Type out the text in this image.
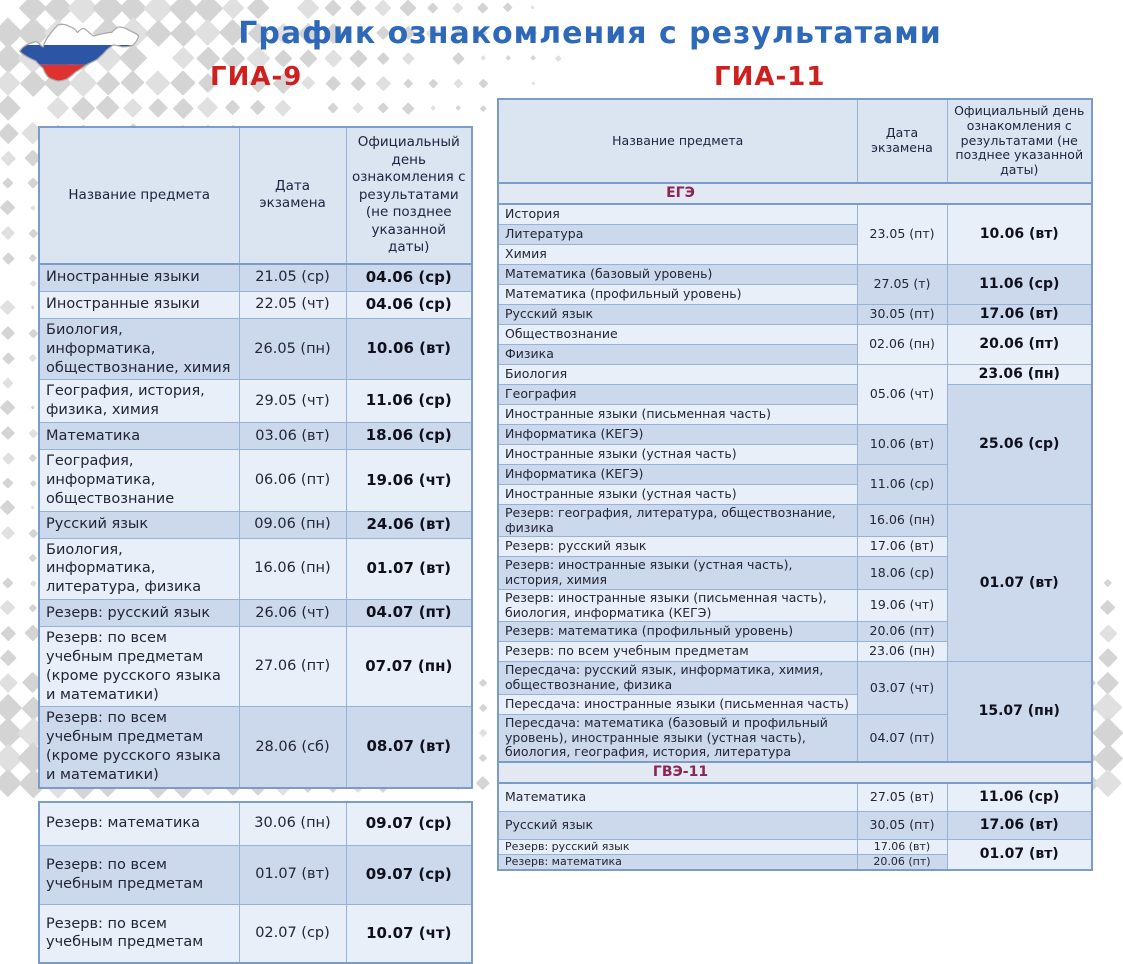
График ознакомления с результатами
ГИА-9	ГИА-11
Название предмета	Дата экзамена	Официальный день ознакомления с результатами (не позднее указанной даты)
Иностранные языки	21.05 (ср)	04.06 (ср)
Иностранные языки	22.05 (чт)	04.06 (ср)
Биология, информатика, обществознание, химия	26.05 (пн)	10.06 (вт)
География, история, физика, химия	29.05 (чт)	11.06 (ср)
Математика	03.06 (вт)	18.06 (ср)
География, информатика, обществознание	06.06 (пт)	19.06 (чт)
Русский язык	09.06 (пн)	24.06 (вт)
Биология, информатика, литература, физика	16.06 (пн)	01.07 (вт)
Резерв: русский язык	26.06 (чт)	04.07 (пт)
Резерв: по всем учебным предметам (кроме русского языка и математики)	27.06 (пт)	07.07 (пн)
Резерв: по всем учебным предметам (кроме русского языка и математики)	28.06 (сб)	08.07 (вт)
Резерв: математика	30.06 (пн)	09.07 (ср)
Резерв: по всем учебным предметам	01.07 (вт)	09.07 (ср)
Резерв: по всем учебным предметам	02.07 (ср)	10.07 (чт)
Название предмета	Дата экзамена	Официальный день ознакомления с результатами (не позднее указанной даты)
ЕГЭ		
История	23.05 (пт)	10.06 (вт)
Литература		
Химия		
Математика (базовый уровень)	27.05 (т)	11.06 (ср)
Математика (профильный уровень)		
Русский язык	30.05 (пт)	17.06 (вт)
Обществознание	02.06 (пн)	20.06 (пт)
Физика		
Биология	05.06 (чт)	23.06 (пн)
География		25.06 (ср)
Иностранные языки (письменная часть)		
Информатика (КЕГЭ)	10.06 (вт)	
Иностранные языки (устная часть)		
Информатика (КЕГЭ)	11.06 (ср)	
Иностранные языки (устная часть)		
Резерв: география, литература, обществознание, физика	16.06 (пн)	01.07 (вт)
Резерв: русский язык	17.06 (вт)	
Резерв: иностранные языки (устная часть), история, химия	18.06 (ср)	
Резерв: иностранные языки (письменная часть), биология, информатика (КЕГЭ)	19.06 (чт)	
Резерв: математика (профильный уровень)	20.06 (пт)	
Резерв: по всем учебным предметам	23.06 (пн)	
Пересдача: русский язык, информатика, химия, обществознание, физика	03.07 (чт)	15.07 (пн)
Пересдача: иностранные языки (письменная часть)		
Пересдача: математика (базовый и профильный уровень), иностранные языки (устная часть), биология, география, история, литература	04.07 (пт)	
ГВЭ-11		
Математика	27.05 (вт)	11.06 (ср)
Русский язык	30.05 (пт)	17.06 (вт)
Резерв: русский язык	17.06 (вт)	01.07 (вт)
Резерв: математика	20.06 (пт)	
